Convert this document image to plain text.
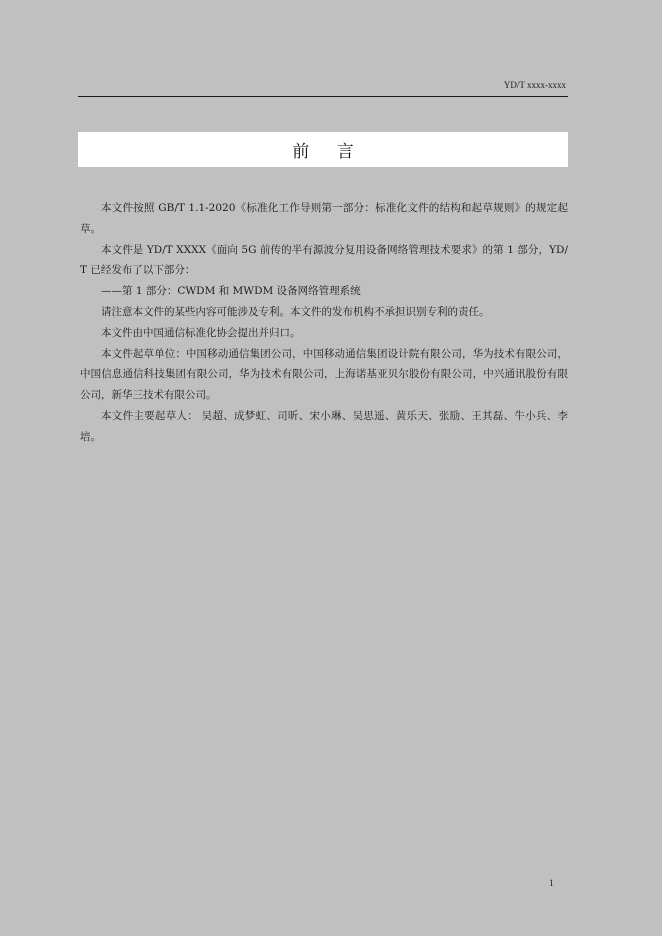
YD/T xxxx-xxxx
前 言

本文件按照 GB/T 1.1-2020《标准化工作导则第一部分：标准化文件的结构和起草规则》的规定起草。

本文件是 YD/T XXXX《面向 5G 前传的半有源波分复用设备网络管理技术要求》的第 1 部分，YD/T 已经发布了以下部分：

——第 1 部分：CWDM 和 MWDM 设备网络管理系统

请注意本文件的某些内容可能涉及专利。本文件的发布机构不承担识别专利的责任。

本文件由中国通信标准化协会提出并归口。

本文件起草单位：中国移动通信集团公司，中国移动通信集团设计院有限公司，华为技术有限公司，中国信息通信科技集团有限公司，华为技术有限公司，上海诺基亚贝尔股份有限公司，中兴通讯股份有限公司，新华三技术有限公司。

本文件主要起草人： 吴超、成梦虹、司昕、宋小琳、吴思遥、黄乐天、张励、王其磊、牛小兵、李培。

1
